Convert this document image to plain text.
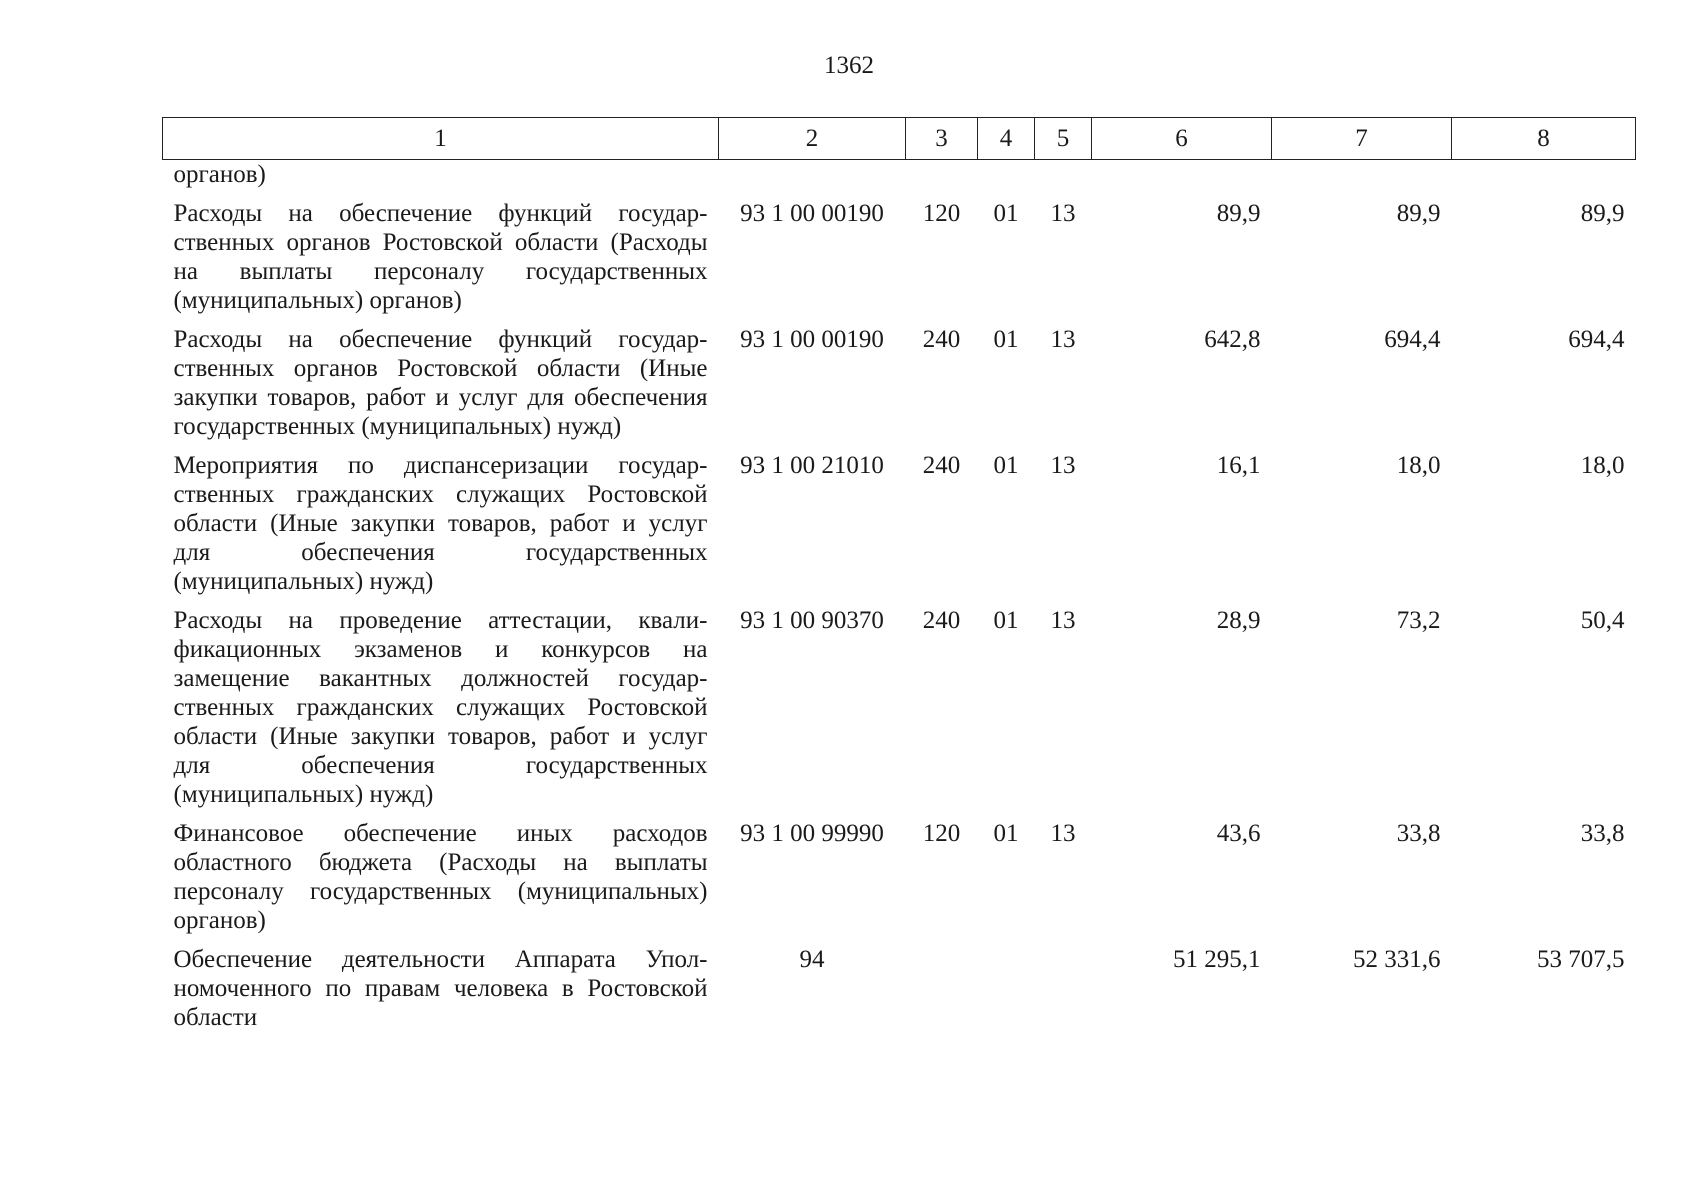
1362
1	2	3	4	5	6	7	8
органов)							
Расходы на обеспечение функций государственных органов Ростовской области (Расходы на выплаты персоналу государственных (муниципальных) органов)	93 1 00 00190	120	01	13	89,9	89,9	89,9
Расходы на обеспечение функций государственных органов Ростовской области (Иные закупки товаров, работ и услуг для обеспечения государственных (муниципальных) нужд)	93 1 00 00190	240	01	13	642,8	694,4	694,4
Мероприятия по диспансеризации государственных гражданских служащих Ростовской области (Иные закупки товаров, работ и услуг для обеспечения государственных (муниципальных) нужд)	93 1 00 21010	240	01	13	16,1	18,0	18,0
Расходы на проведение аттестации, квалификационных экзаменов и конкурсов на замещение вакантных должностей государственных гражданских служащих Ростовской области (Иные закупки товаров, работ и услуг для обеспечения государственных (муниципальных) нужд)	93 1 00 90370	240	01	13	28,9	73,2	50,4
Финансовое обеспечение иных расходов областного бюджета (Расходы на выплаты персоналу государственных (муниципальных) органов)	93 1 00 99990	120	01	13	43,6	33,8	33,8
Обеспечение деятельности Аппарата Уполномоченного по правам человека в Ростовской области	94				51 295,1	52 331,6	53 707,5
